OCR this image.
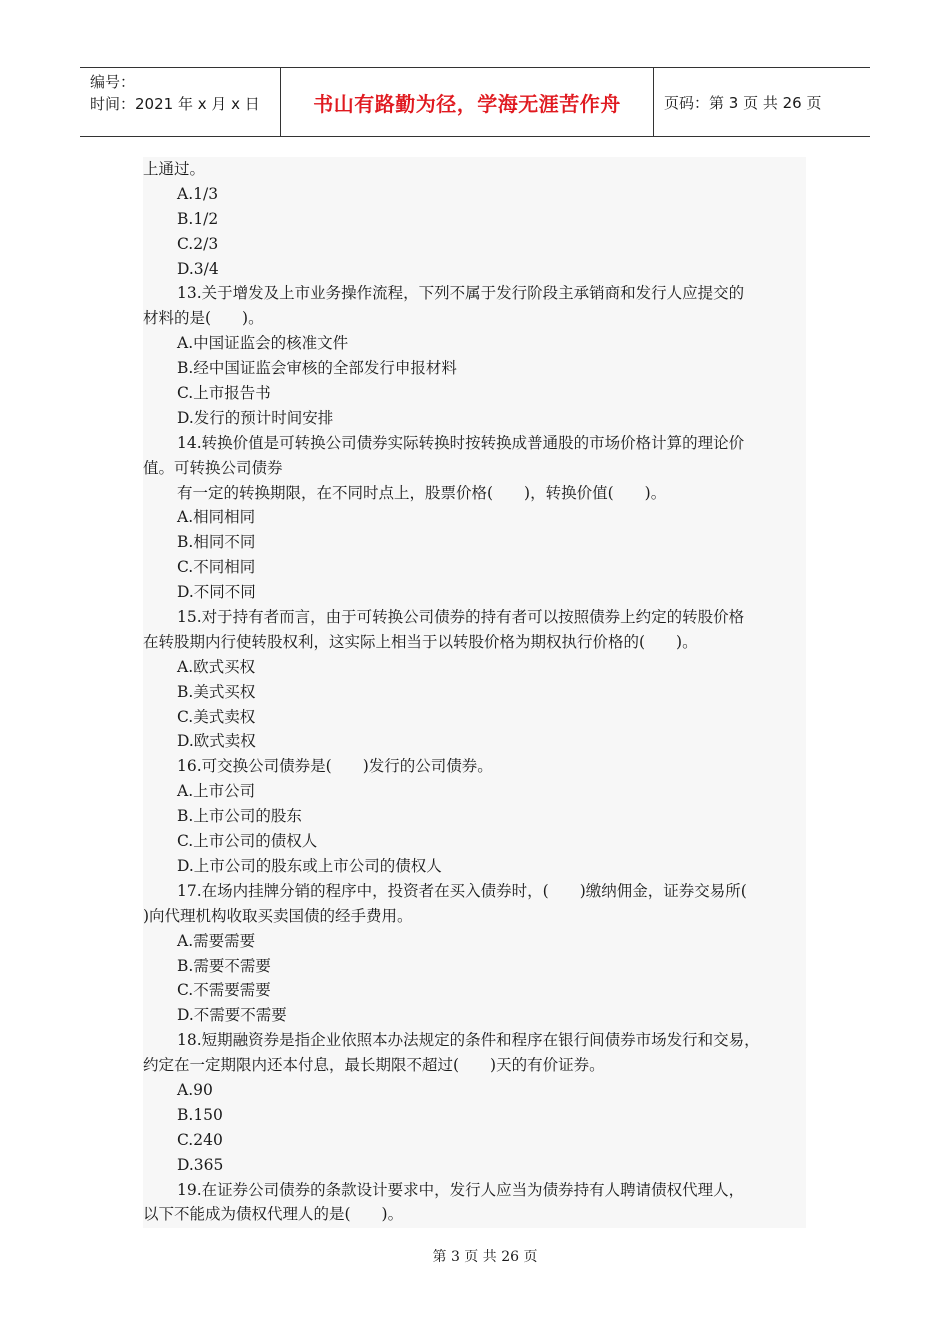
编号：
时间：2021 年 x 月 x 日	书山有路勤为径，学海无涯苦作舟	页码：第 3 页 共 26 页
上通过。
A.1/3
B.1/2
C.2/3
D.3/4
13.关于增发及上市业务操作流程，下列不属于发行阶段主承销商和发行人应提交的
材料的是(　　)。
A.中国证监会的核准文件
B.经中国证监会审核的全部发行申报材料
C.上市报告书
D.发行的预计时间安排
14.转换价值是可转换公司债券实际转换时按转换成普通股的市场价格计算的理论价
值。可转换公司债券
有一定的转换期限，在不同时点上，股票价格(　　)，转换价值(　　)。
A.相同相同
B.相同不同
C.不同相同
D.不同不同
15.对于持有者而言，由于可转换公司债券的持有者可以按照债券上约定的转股价格
在转股期内行使转股权利，这实际上相当于以转股价格为期权执行价格的(　　)。
A.欧式买权
B.美式买权
C.美式卖权
D.欧式卖权
16.可交换公司债券是(　　)发行的公司债券。
A.上市公司
B.上市公司的股东
C.上市公司的债权人
D.上市公司的股东或上市公司的债权人
17.在场内挂牌分销的程序中，投资者在买入债券时，(　　)缴纳佣金，证券交易所(
)向代理机构收取买卖国债的经手费用。
A.需要需要
B.需要不需要
C.不需要需要
D.不需要不需要
18.短期融资券是指企业依照本办法规定的条件和程序在银行间债券市场发行和交易，
约定在一定期限内还本付息，最长期限不超过(　　)天的有价证券。
A.90
B.150
C.240
D.365
19.在证券公司债券的条款设计要求中，发行人应当为债券持有人聘请债权代理人，
以下不能成为债权代理人的是(　　)。
第 3 页 共 26 页
